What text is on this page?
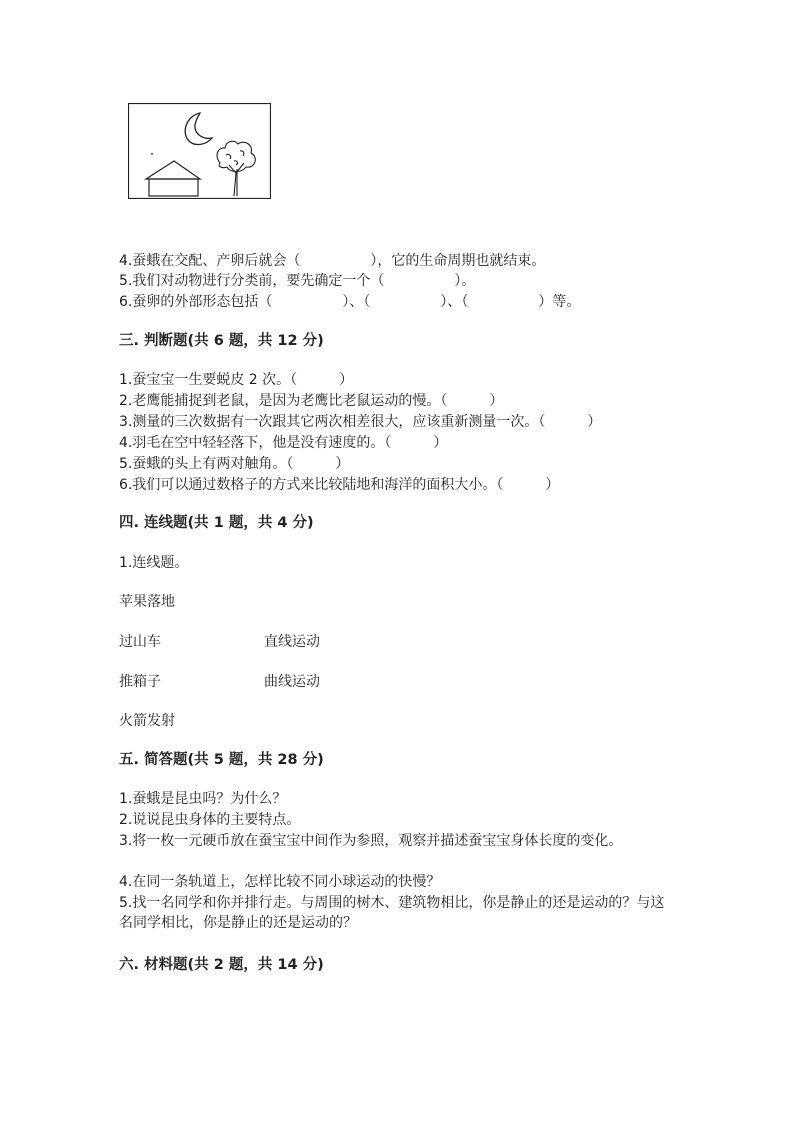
4.蚕蛾在交配、产卵后就会（　　　　　），它的生命周期也就结束。
5.我们对动物进行分类前，要先确定一个（　　　　　）。
6.蚕卵的外部形态包括（　　　　　）、（　　　　　）、（　　　　　）等。
三. 判断题(共 6 题，共 12 分)
1.蚕宝宝一生要蜕皮 2 次。（　　　）
2.老鹰能捕捉到老鼠，是因为老鹰比老鼠运动的慢。（　　　）
3.测量的三次数据有一次跟其它两次相差很大，应该重新测量一次。（　　　）
4.羽毛在空中轻轻落下，他是没有速度的。（　　　）
5.蚕蛾的头上有两对触角。（　　　）
6.我们可以通过数格子的方式来比较陆地和海洋的面积大小。（　　　）
四. 连线题(共 1 题，共 4 分)
1.连线题。
苹果落地
过山车	直线运动
推箱子	曲线运动
火箭发射
五. 简答题(共 5 题，共 28 分)
1.蚕蛾是昆虫吗？为什么？
2.说说昆虫身体的主要特点。
3.将一枚一元硬币放在蚕宝宝中间作为参照，观察并描述蚕宝宝身体长度的变化。
4.在同一条轨道上，怎样比较不同小球运动的快慢？
5.找一名同学和你并排行走。与周围的树木、建筑物相比，你是静止的还是运动的？与这名同学相比，你是静止的还是运动的？
六. 材料题(共 2 题，共 14 分)
